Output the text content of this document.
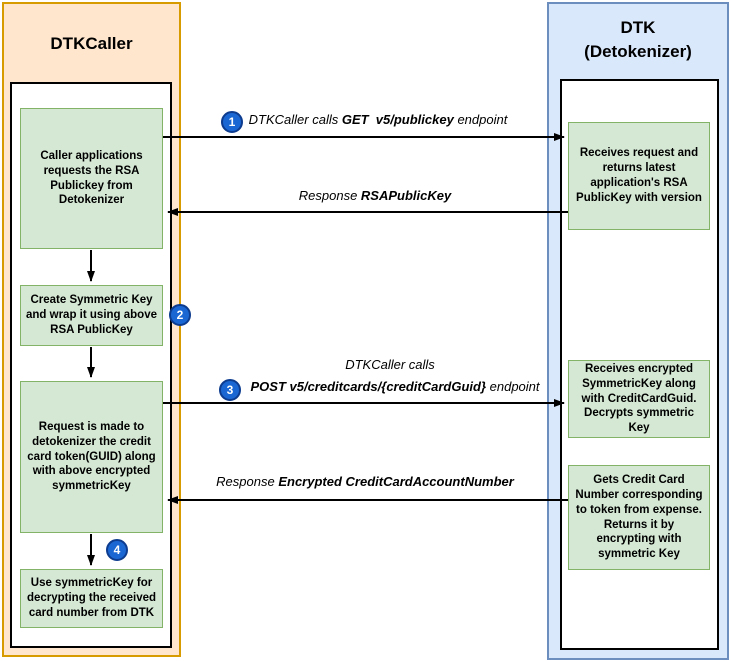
DTKCaller
DTK
(Detokenizer)
Caller applications requests the RSA Publickey from Detokenizer
Create Symmetric Key and wrap it using above RSA PublicKey
Request is made to detokenizer the credit card token(GUID) along with above encrypted symmetricKey
Use symmetricKey for decrypting the received card number from DTK
Receives request and returns latest application's RSA PublicKey with version
Receives encrypted SymmetricKey along with CreditCardGuid. Decrypts symmetric Key
Gets Credit Card Number corresponding to token from expense. Returns it by encrypting with symmetric Key
1 DTKCaller calls GET  v5/publickey endpoint
Response RSAPublicKey
2
DTKCaller calls
3	POST v5/creditcards/{creditCardGuid} endpoint
Response Encrypted CreditCardAccountNumber
4
